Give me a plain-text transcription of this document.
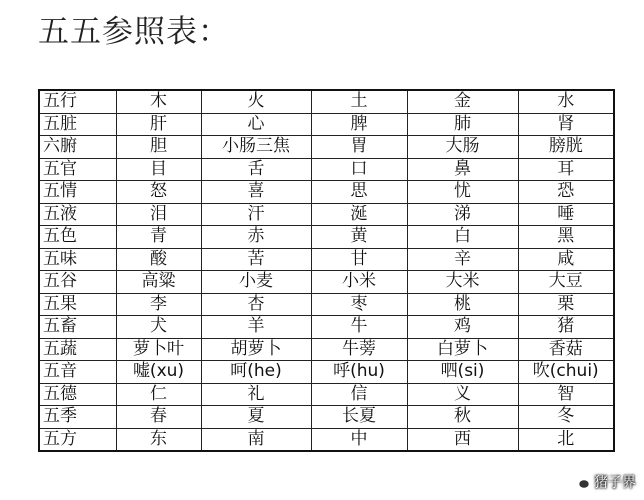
五五参照表：
五行	木	火	土	金	水
五脏	肝	心	脾	肺	肾
六腑	胆	小肠三焦	胃	大肠	膀胱
五官	目	舌	口	鼻	耳
五情	怒	喜	思	忧	恐
五液	泪	汗	涎	涕	唾
五色	青	赤	黄	白	黑
五味	酸	苦	甘	辛	咸
五谷	高粱	小麦	小米	大米	大豆
五果	李	杏	枣	桃	栗
五畜	犬	羊	牛	鸡	猪
五蔬	萝卜叶	胡萝卜	牛蒡	白萝卜	香菇
五音	嘘(xu)	呵(he)	呼(hu)	呬(si)	吹(chui)
五德	仁	礼	信	义	智
五季	春	夏	长夏	秋	冬
五方	东	南	中	西	北
猪子界
